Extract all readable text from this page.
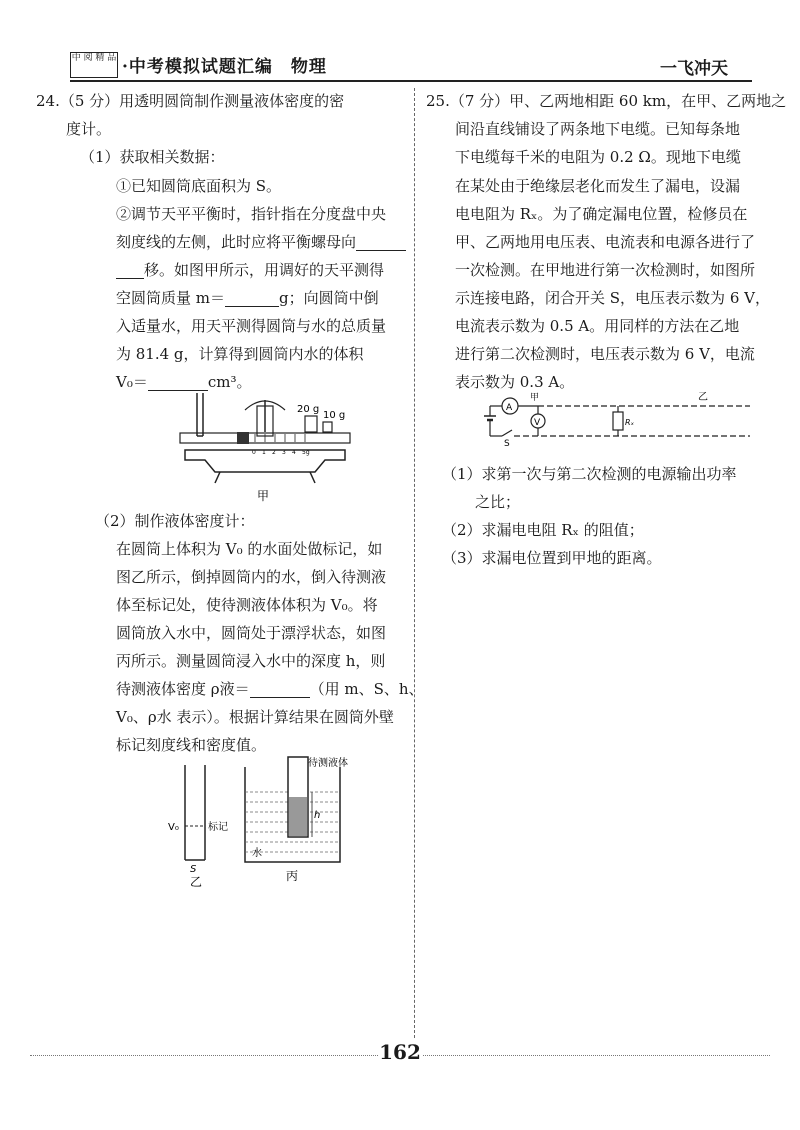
中 阅 精 品 ·中考模拟试题汇编　物理	一飞冲天
24.（5 分）用透明圆筒制作测量液体密度的密
度计。
（1）获取相关数据：
①已知圆筒底面积为 S。
②调节天平平衡时，指针指在分度盘中央
刻度线的左侧，此时应将平衡螺母向
移。如图甲所示，用调好的天平测得
空圆筒质量 m＝	g；向圆筒中倒
入适量水，用天平测得圆筒与水的总质量
为 81.4 g，计算得到圆筒内水的体积
V₀＝	cm³。
0 1 2 3 4 5g
20 g
10 g
甲
（2）制作液体密度计：
在圆筒上体积为 V₀ 的水面处做标记，如
图乙所示，倒掉圆筒内的水，倒入待测液
体至标记处，使待测液体体积为 V₀。将
圆筒放入水中，圆筒处于漂浮状态，如图
丙所示。测量圆筒浸入水中的深度 h，则
待测液体密度 ρ液＝	（用 m、S、h、
V₀、ρ水 表示）。根据计算结果在圆筒外壁
标记刻度线和密度值。
V₀	标记
S
乙
h
待测液体
水
丙
25.（7 分）甲、乙两地相距 60 km，在甲、乙两地之
间沿直线铺设了两条地下电缆。已知每条地
下电缆每千米的电阻为 0.2 Ω。现地下电缆
在某处由于绝缘层老化而发生了漏电，设漏
电电阻为 Rₓ。为了确定漏电位置，检修员在
甲、乙两地用电压表、电流表和电源各进行了
一次检测。在甲地进行第一次检测时，如图所
示连接电路，闭合开关 S，电压表示数为 6 V，
电流表示数为 0.5 A。用同样的方法在乙地
进行第二次检测时，电压表示数为 6 V，电流
表示数为 0.3 A。
A
甲
V
S
Rₓ
乙
（1）求第一次与第二次检测的电源输出功率
之比；
（2）求漏电电阻 Rₓ 的阻值；
（3）求漏电位置到甲地的距离。
162
